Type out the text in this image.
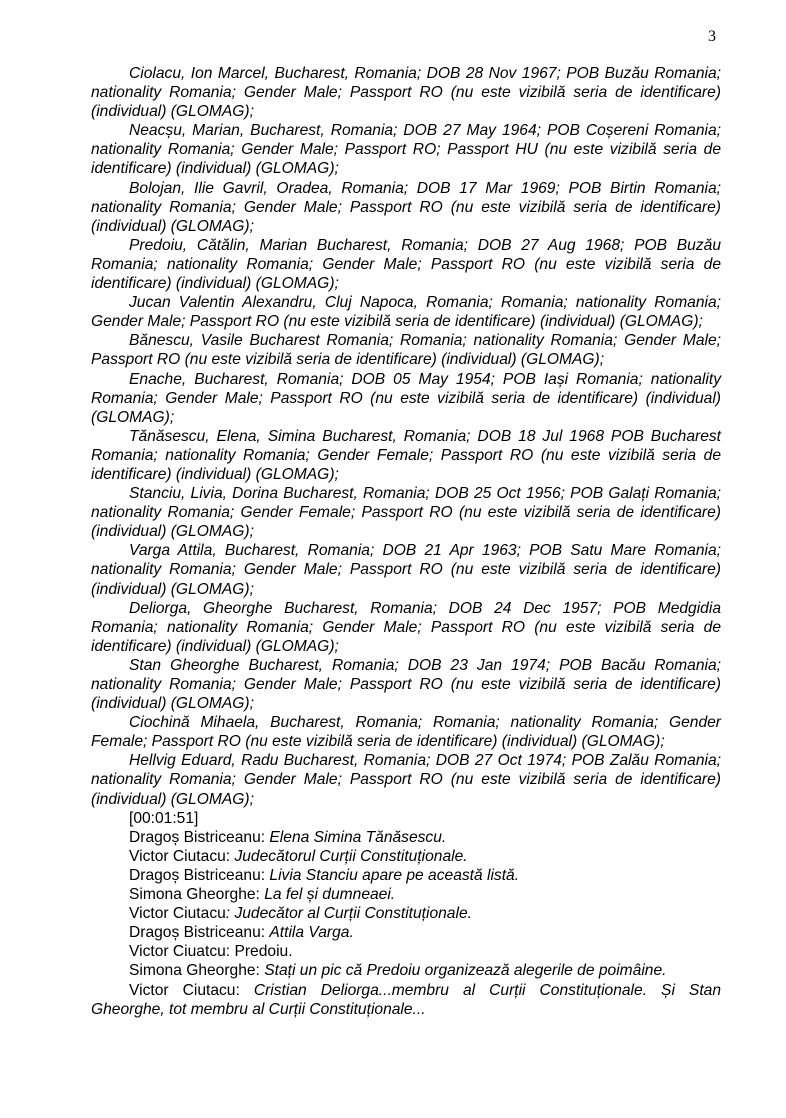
3

Ciolacu, Ion Marcel, Bucharest, Romania; DOB 28 Nov 1967; POB Buzău Romania; nationality Romania; Gender Male; Passport RO (nu este vizibilă seria de identificare) (individual) (GLOMAG);

Neacșu, Marian, Bucharest, Romania; DOB 27 May 1964; POB Coșereni Romania; nationality Romania; Gender Male; Passport RO; Passport HU (nu este vizibilă seria de identificare) (individual) (GLOMAG);

Bolojan, Ilie Gavril, Oradea, Romania; DOB 17 Mar 1969; POB Birtin Romania; nationality Romania; Gender Male; Passport RO (nu este vizibilă seria de identificare) (individual) (GLOMAG);

Predoiu, Cătălin, Marian Bucharest, Romania; DOB 27 Aug 1968; POB Buzău Romania; nationality Romania; Gender Male; Passport RO (nu este vizibilă seria de identificare) (individual) (GLOMAG);

Jucan Valentin Alexandru, Cluj Napoca, Romania; Romania; nationality Romania; Gender Male; Passport RO (nu este vizibilă seria de identificare) (individual) (GLOMAG);

Bănescu, Vasile Bucharest Romania; Romania; nationality Romania; Gender Male; Passport RO (nu este vizibilă seria de identificare) (individual) (GLOMAG);

Enache, Bucharest, Romania; DOB 05 May 1954; POB Iași Romania; nationality Romania; Gender Male; Passport RO (nu este vizibilă seria de identificare) (individual) (GLOMAG);

Tănăsescu, Elena, Simina Bucharest, Romania; DOB 18 Jul 1968 POB Bucharest Romania; nationality Romania; Gender Female; Passport RO (nu este vizibilă seria de identificare) (individual) (GLOMAG);

Stanciu, Livia, Dorina Bucharest, Romania; DOB 25 Oct 1956; POB Galați Romania; nationality Romania; Gender Female; Passport RO (nu este vizibilă seria de identificare) (individual) (GLOMAG);

Varga Attila, Bucharest, Romania; DOB 21 Apr 1963; POB Satu Mare Romania; nationality Romania; Gender Male; Passport RO (nu este vizibilă seria de identificare) (individual) (GLOMAG);

Deliorga, Gheorghe Bucharest, Romania; DOB 24 Dec 1957; POB Medgidia Romania; nationality Romania; Gender Male; Passport RO (nu este vizibilă seria de identificare) (individual) (GLOMAG);

Stan Gheorghe Bucharest, Romania; DOB 23 Jan 1974; POB Bacău Romania; nationality Romania; Gender Male; Passport RO (nu este vizibilă seria de identificare) (individual) (GLOMAG);

Ciochină Mihaela, Bucharest, Romania; Romania; nationality Romania; Gender Female; Passport RO (nu este vizibilă seria de identificare) (individual) (GLOMAG);

Hellvig Eduard, Radu Bucharest, Romania; DOB 27 Oct 1974; POB Zalău Romania; nationality Romania; Gender Male; Passport RO (nu este vizibilă seria de identificare) (individual) (GLOMAG);

[00:01:51]

Dragoș Bistriceanu: Elena Simina Tănăsescu.

Victor Ciutacu: Judecătorul Curții Constituționale.

Dragoș Bistriceanu: Livia Stanciu apare pe această listă.

Simona Gheorghe: La fel și dumneaei.

Victor Ciutacu: Judecător al Curții Constituționale.

Dragoș Bistriceanu: Attila Varga.

Victor Ciuatcu: Predoiu.

Simona Gheorghe: Stați un pic că Predoiu organizează alegerile de poimâine.

Victor Ciutacu: Cristian Deliorga...membru al Curții Constituționale. Și Stan Gheorghe, tot membru al Curții Constituționale...
